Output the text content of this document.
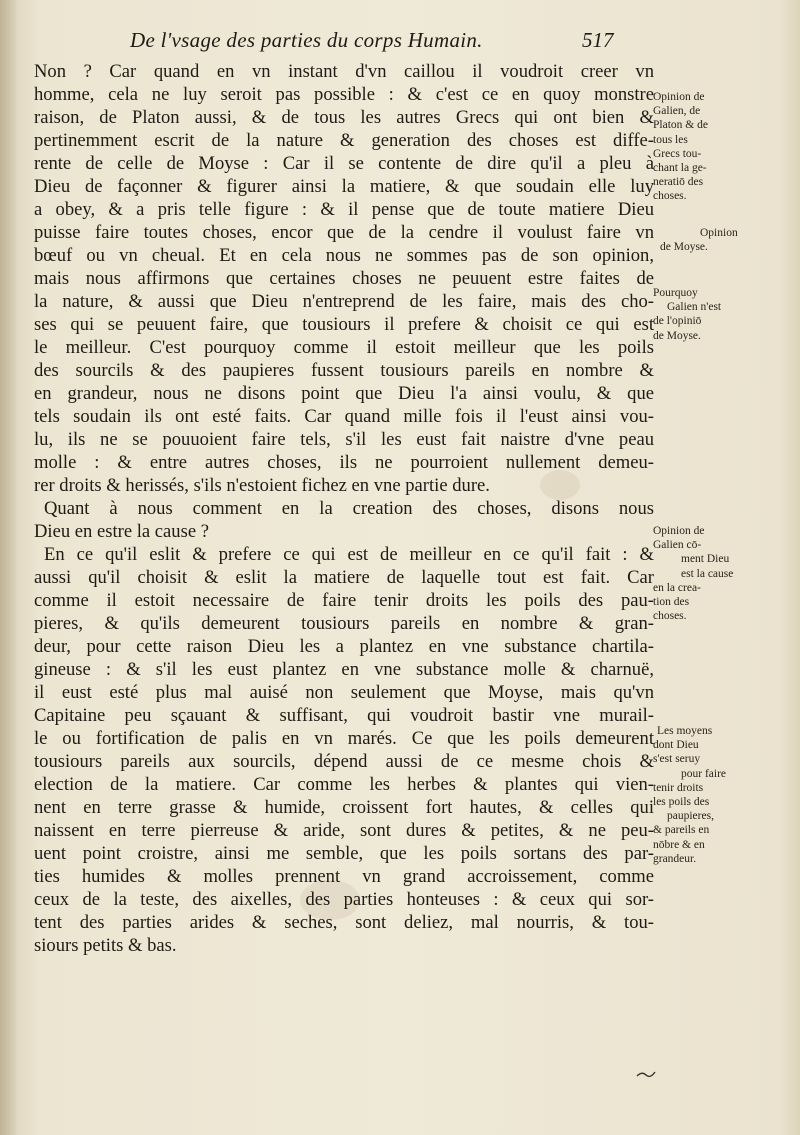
De l'vsage des parties du corps Humain.	517
Non ? Car quand en vn instant d'vn caillou il voudroit creer vn
homme, cela ne luy seroit pas possible : & c'est ce en quoy monstre
raison, de Platon aussi, & de tous les autres Grecs qui ont bien &
pertinemment escrit de la nature & generation des choses est diffe-
rente de celle de Moyse : Car il se contente de dire qu'il a pleu à
Dieu de façonner & figurer ainsi la matiere, & que soudain elle luy
a obey, & a pris telle figure : & il pense que de toute matiere Dieu
puisse faire toutes choses, encor que de la cendre il voulust faire vn
bœuf ou vn cheual. Et en cela nous ne sommes pas de son opinion,
mais nous affirmons que certaines choses ne peuuent estre faites de
la nature, & aussi que Dieu n'entreprend de les faire, mais des cho-
ses qui se peuuent faire, que tousiours il prefere & choisit ce qui est
le meilleur. C'est pourquoy comme il estoit meilleur que les poils
des sourcils & des paupieres fussent tousiours pareils en nombre &
en grandeur, nous ne disons point que Dieu l'a ainsi voulu, & que
tels soudain ils ont esté faits. Car quand mille fois il l'eust ainsi vou-
lu, ils ne se pouuoient faire tels, s'il les eust fait naistre d'vne peau
molle : & entre autres choses, ils ne pourroient nullement demeu-
rer droits & herissés, s'ils n'estoient fichez en vne partie dure.
Quant à nous comment en la creation des choses, disons nous
Dieu en estre la cause ?
En ce qu'il eslit & prefere ce qui est de meilleur en ce qu'il fait : &
aussi qu'il choisit & eslit la matiere de laquelle tout est fait. Car
comme il estoit necessaire de faire tenir droits les poils des pau-
pieres, & qu'ils demeurent tousiours pareils en nombre & gran-
deur, pour cette raison Dieu les a plantez en vne substance chartila-
gineuse : & s'il les eust plantez en vne substance molle & charnuë,
il eust esté plus mal auisé non seulement que Moyse, mais qu'vn
Capitaine peu sçauant & suffisant, qui voudroit bastir vne murail-
le ou fortification de palis en vn marés. Ce que les poils demeurent
tousiours pareils aux sourcils, dépend aussi de ce mesme chois &
election de la matiere. Car comme les herbes & plantes qui vien-
nent en terre grasse & humide, croissent fort hautes, & celles qui
naissent en terre pierreuse & aride, sont dures & petites, & ne peu-
uent point croistre, ainsi me semble, que les poils sortans des par-
ties humides & molles prennent vn grand accroissement, comme
ceux de la teste, des aixelles, des parties honteuses : & ceux qui sor-
tent des parties arides & seches, sont deliez, mal nourris, & tou-
siours petits & bas.
Opinion de
Galien, de
Platon & de
tous les
Grecs tou-
chant la ge-
neratiō des
choses.
Opinion
de Moyse.
Pourquoy
Galien n'est
de l'opiniō
de Moyse.
Opinion de
Galien cō-
ment Dieu
est la cause
en la crea-
tion des
choses.
Les moyens
dont Dieu
s'est seruy
pour faire
tenir droits
les poils des
paupieres,
& pareils en
nōbre & en
grandeur.
